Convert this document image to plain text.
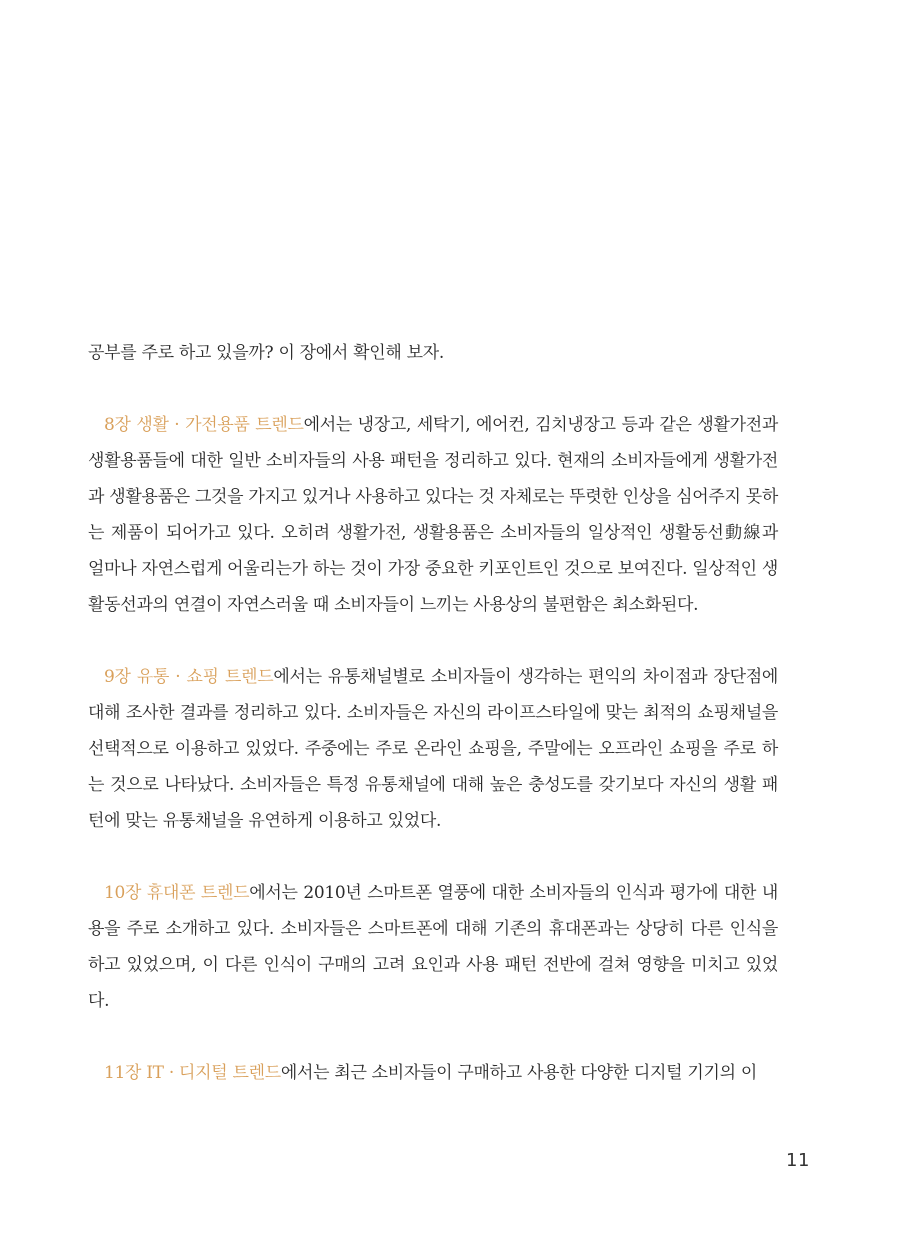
공부를 주로 하고 있을까? 이 장에서 확인해 보자.

8장 생활 · 가전용품 트렌드에서는 냉장고, 세탁기, 에어컨, 김치냉장고 등과 같은 생활가전과 생활용품들에 대한 일반 소비자들의 사용 패턴을 정리하고 있다. 현재의 소비자들에게 생활가전과 생활용품은 그것을 가지고 있거나 사용하고 있다는 것 자체로는 뚜렷한 인상을 심어주지 못하는 제품이 되어가고 있다. 오히려 생활가전, 생활용품은 소비자들의 일상적인 생활동선動線과 얼마나 자연스럽게 어울리는가 하는 것이 가장 중요한 키포인트인 것으로 보여진다. 일상적인 생활동선과의 연결이 자연스러울 때 소비자들이 느끼는 사용상의 불편함은 최소화된다.

9장 유통 · 쇼핑 트렌드에서는 유통채널별로 소비자들이 생각하는 편익의 차이점과 장단점에 대해 조사한 결과를 정리하고 있다. 소비자들은 자신의 라이프스타일에 맞는 최적의 쇼핑채널을 선택적으로 이용하고 있었다. 주중에는 주로 온라인 쇼핑을, 주말에는 오프라인 쇼핑을 주로 하는 것으로 나타났다. 소비자들은 특정 유통채널에 대해 높은 충성도를 갖기보다 자신의 생활 패턴에 맞는 유통채널을 유연하게 이용하고 있었다.

10장 휴대폰 트렌드에서는 2010년 스마트폰 열풍에 대한 소비자들의 인식과 평가에 대한 내용을 주로 소개하고 있다. 소비자들은 스마트폰에 대해 기존의 휴대폰과는 상당히 다른 인식을 하고 있었으며, 이 다른 인식이 구매의 고려 요인과 사용 패턴 전반에 걸쳐 영향을 미치고 있었다.

11장 IT · 디지털 트렌드에서는 최근 소비자들이 구매하고 사용한 다양한 디지털 기기의 이

11
